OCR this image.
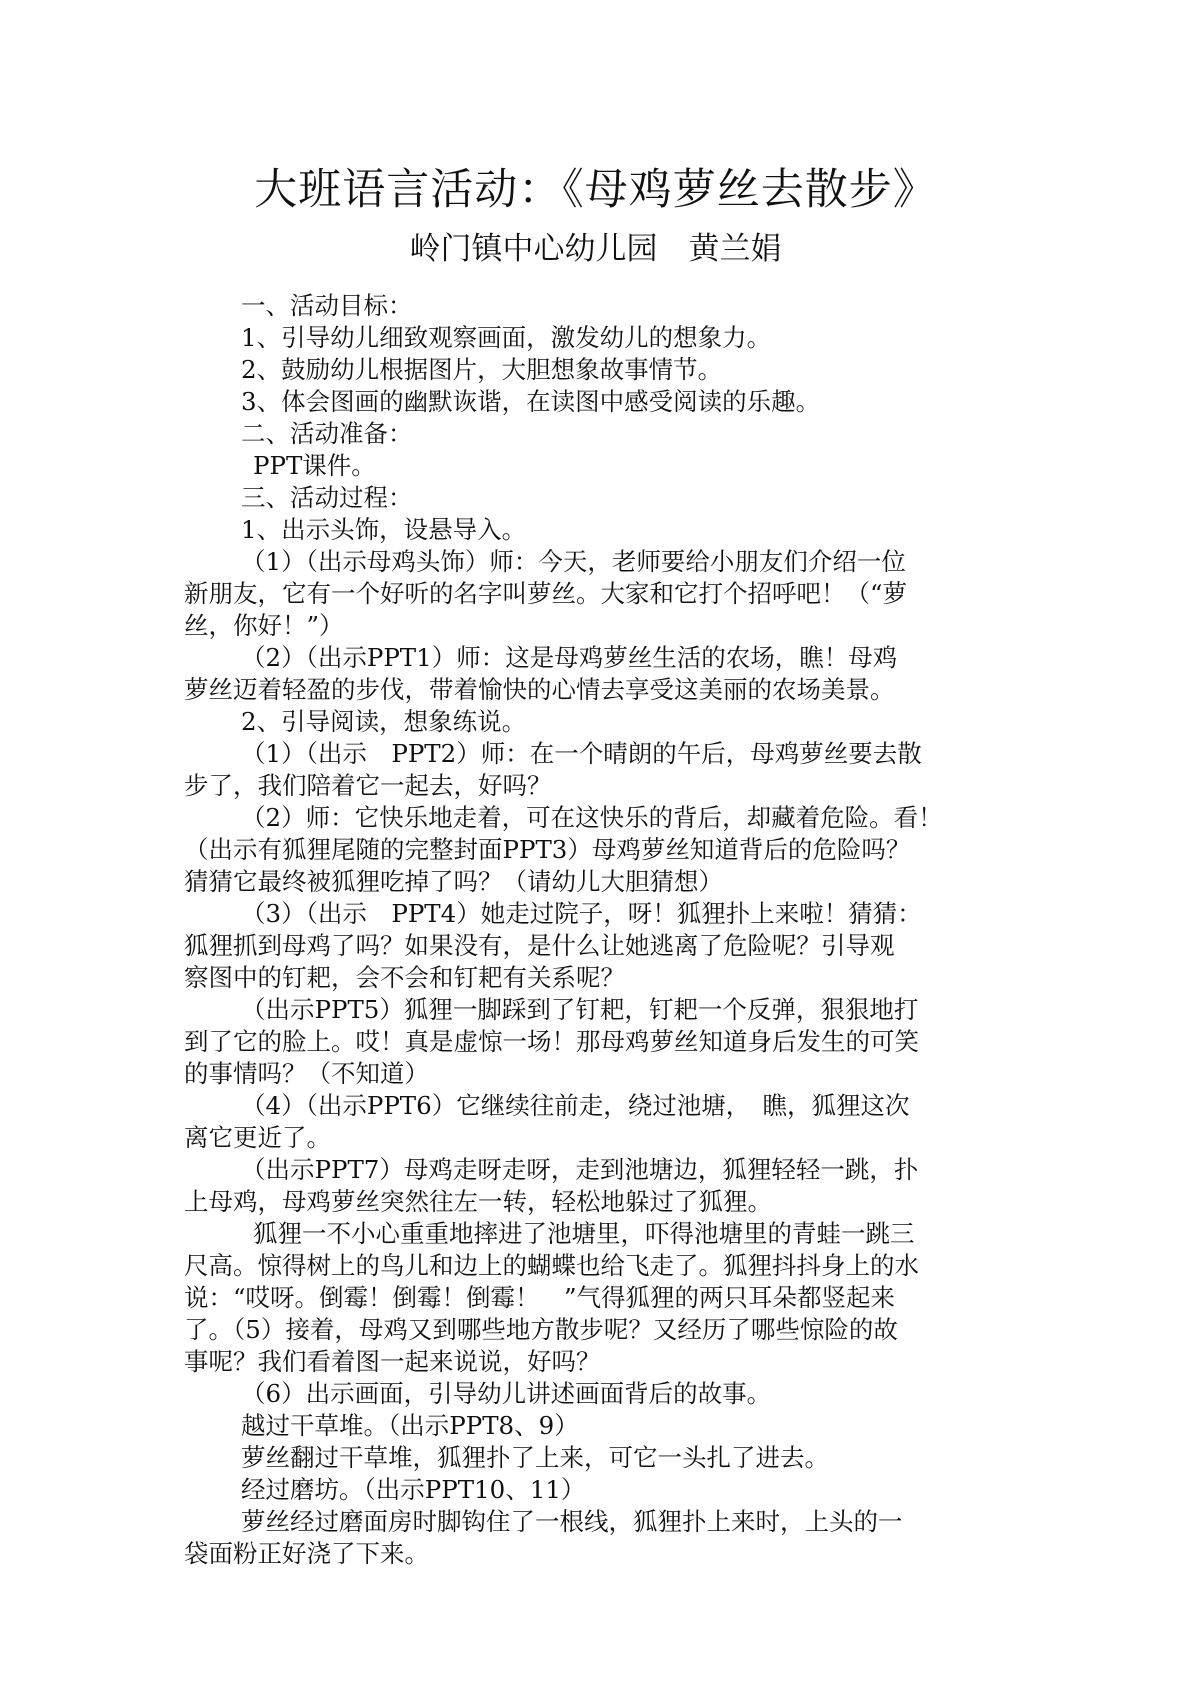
大班语言活动：《母鸡萝丝去散步》
岭门镇中心幼儿园　黄兰娟
一、活动目标：
1、引导幼儿细致观察画面，激发幼儿的想象力。
2、鼓励幼儿根据图片，大胆想象故事情节。
3、体会图画的幽默诙谐，在读图中感受阅读的乐趣。
二、活动准备：
PPT课件。
三、活动过程：
1、出示头饰，设悬导入。
（1）（出示母鸡头饰）师：今天，老师要给小朋友们介绍一位
新朋友，它有一个好听的名字叫萝丝。大家和它打个招呼吧！（“萝
丝，你好！”）
（2）（出示PPT1）师：这是母鸡萝丝生活的农场，瞧！母鸡
萝丝迈着轻盈的步伐，带着愉快的心情去享受这美丽的农场美景。
2、引导阅读，想象练说。
（1）（出示　PPT2）师：在一个晴朗的午后，母鸡萝丝要去散
步了，我们陪着它一起去，好吗？
（2）师：它快乐地走着，可在这快乐的背后，却藏着危险。看！
（出示有狐狸尾随的完整封面PPT3）母鸡萝丝知道背后的危险吗？
猜猜它最终被狐狸吃掉了吗？（请幼儿大胆猜想）
（3）（出示　PPT4）她走过院子，呀！狐狸扑上来啦！猜猜：
狐狸抓到母鸡了吗？如果没有，是什么让她逃离了危险呢？引导观
察图中的钉耙，会不会和钉耙有关系呢？
（出示PPT5）狐狸一脚踩到了钉耙，钉耙一个反弹，狠狠地打
到了它的脸上。哎！真是虚惊一场！那母鸡萝丝知道身后发生的可笑
的事情吗？（不知道）
（4）（出示PPT6）它继续往前走，绕过池塘，　瞧，狐狸这次
离它更近了。
（出示PPT7）母鸡走呀走呀，走到池塘边，狐狸轻轻一跳，扑
上母鸡，母鸡萝丝突然往左一转，轻松地躲过了狐狸。
狐狸一不小心重重地摔进了池塘里，吓得池塘里的青蛙一跳三
尺高。惊得树上的鸟儿和边上的蝴蝶也给飞走了。狐狸抖抖身上的水
说：“哎呀。倒霉！倒霉！倒霉！　”气得狐狸的两只耳朵都竖起来
了。（5）接着，母鸡又到哪些地方散步呢？又经历了哪些惊险的故
事呢？我们看着图一起来说说，好吗？
（6）出示画面，引导幼儿讲述画面背后的故事。
越过干草堆。（出示PPT8、9）
萝丝翻过干草堆，狐狸扑了上来，可它一头扎了进去。
经过磨坊。（出示PPT10、11）
萝丝经过磨面房时脚钩住了一根线，狐狸扑上来时，上头的一
袋面粉正好浇了下来。
